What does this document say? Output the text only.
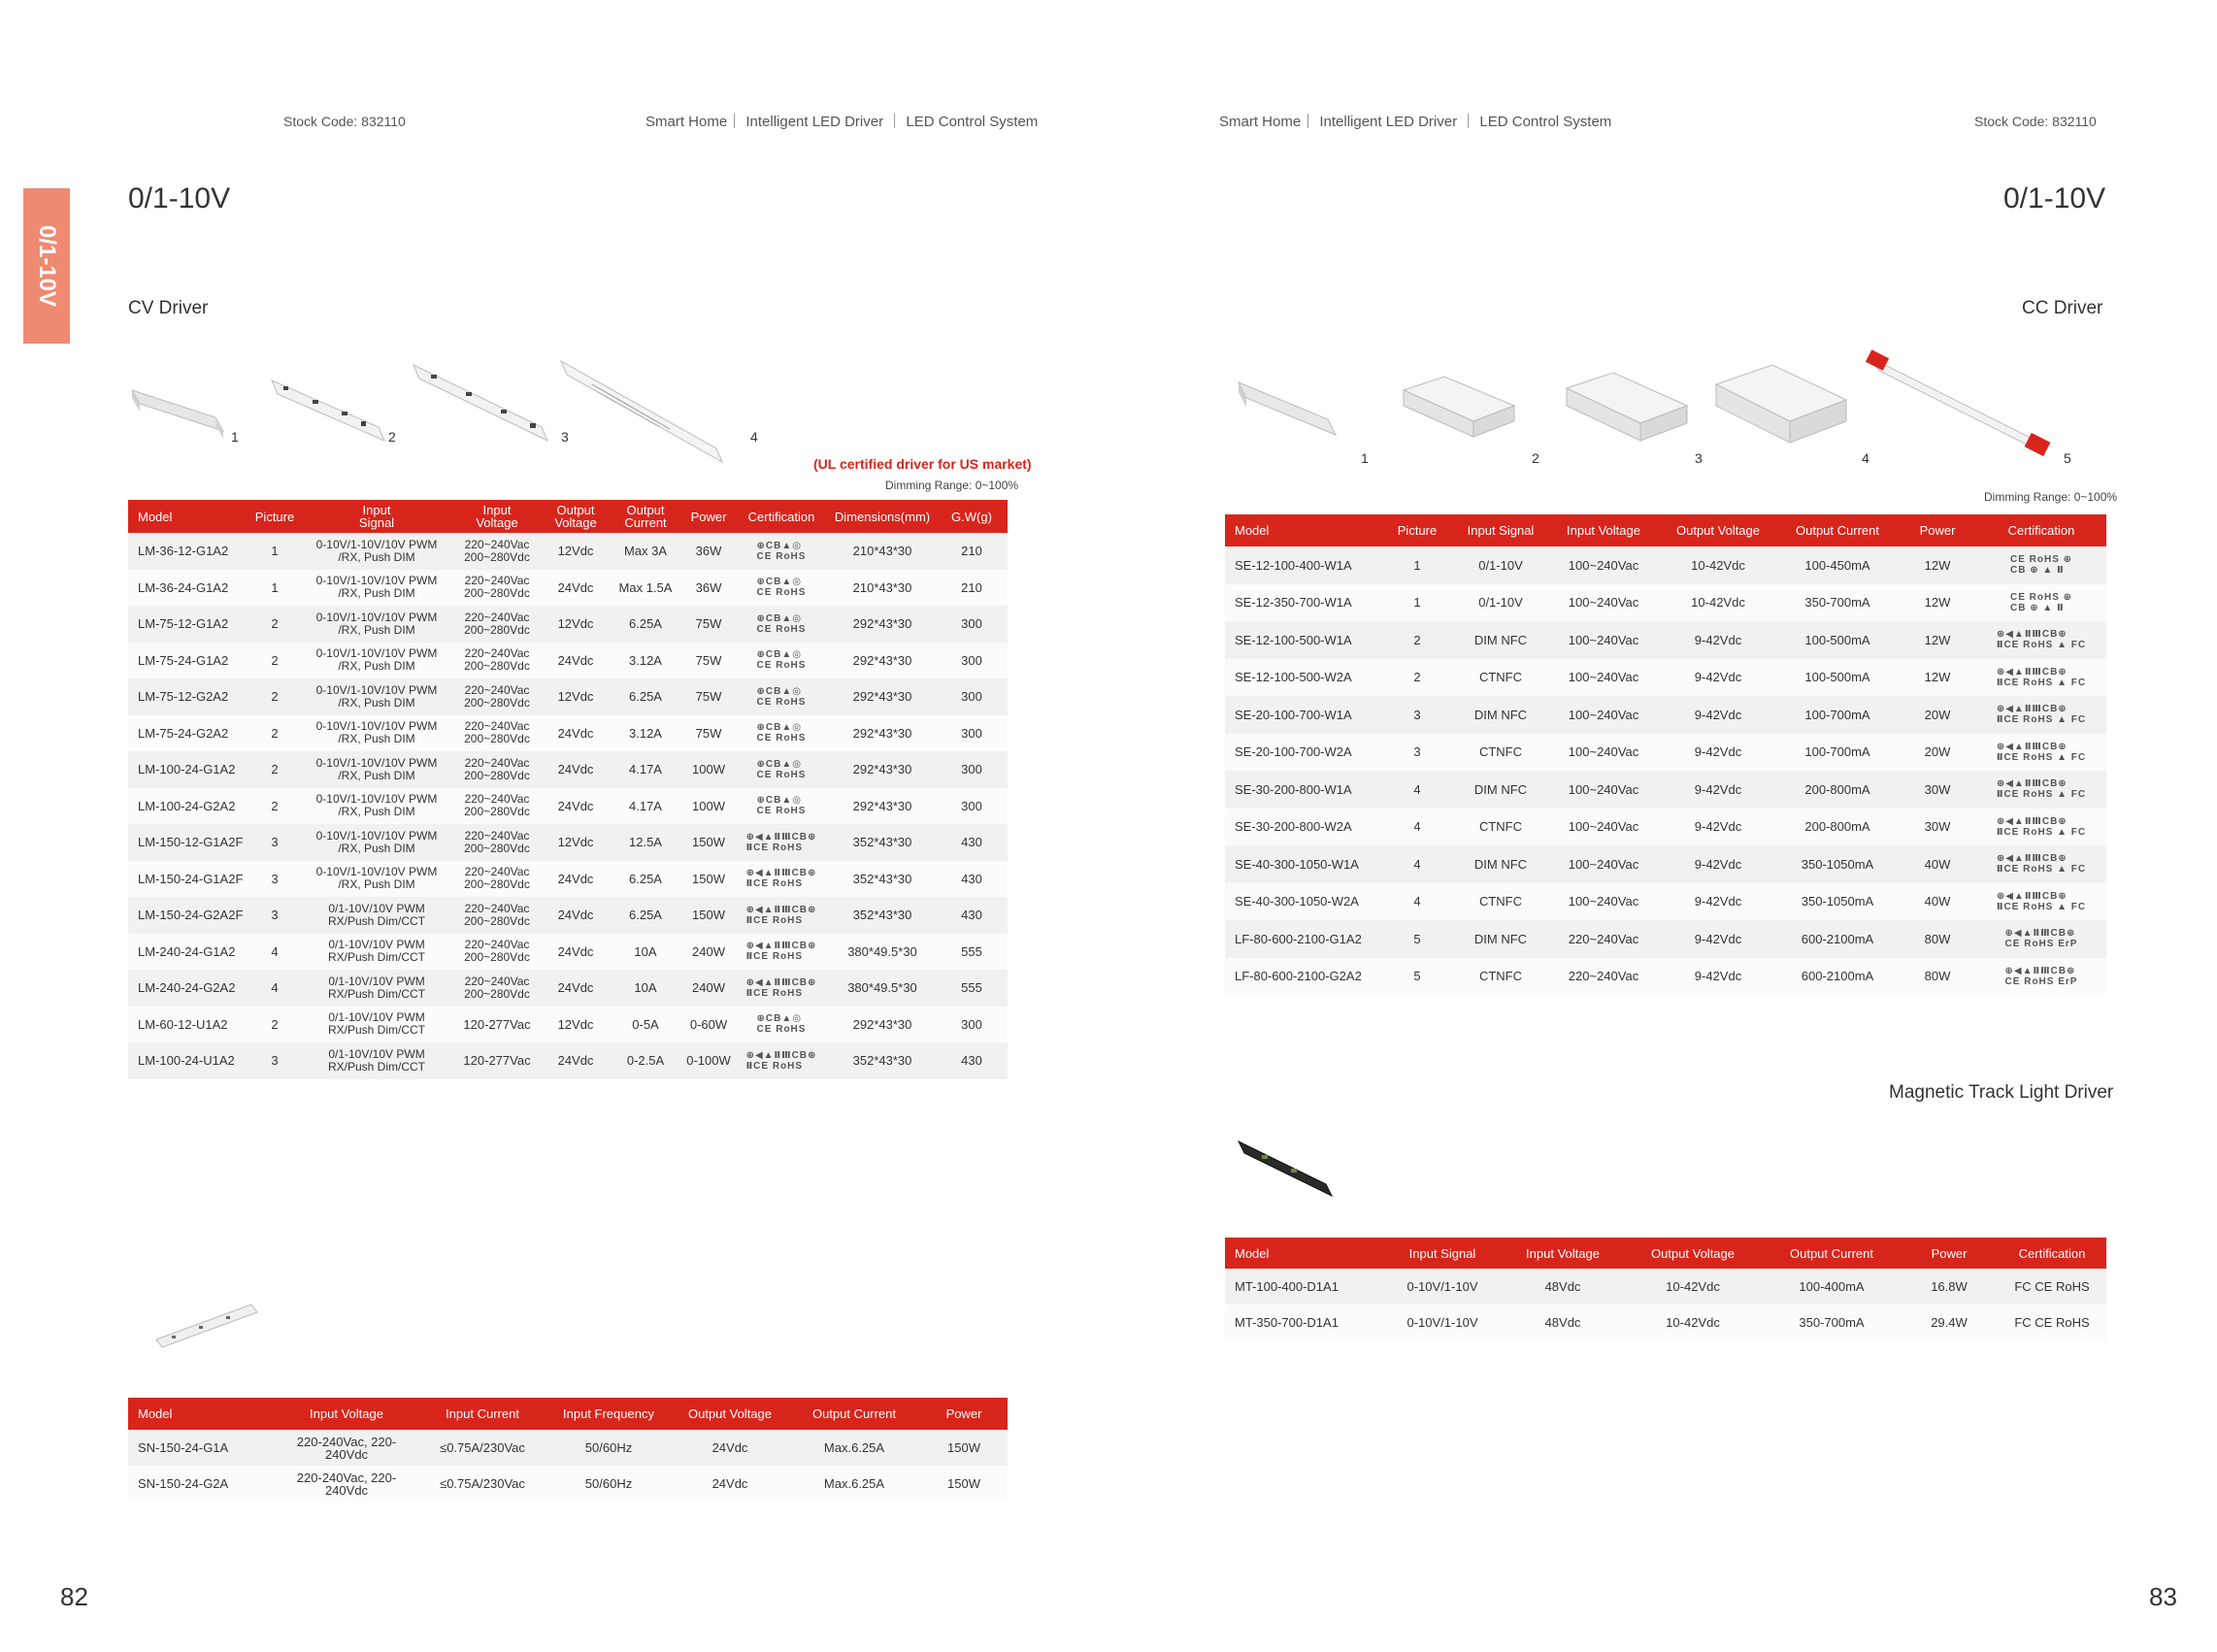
Stock Code: 832110	Smart Home｜ Intelligent LED Driver ｜ LED Control System
0/1-10V
0/1-10V
CV Driver
1	2	3	4
(UL certified driver for US market)
Dimming Range: 0~100%
Model	Picture	Input
Signal	Input
Voltage	Output
Voltage	Output
Current	Power	Certification	Dimensions(mm)	G.W(g)
LM-36-12-G1A2	1	0-10V/1-10V/10V PWM
/RX, Push DIM	220~240Vac
200~280Vdc	12Vdc	Max 3A	36W	⊕CB▲◎
CE RoHS	210*43*30	210
LM-36-24-G1A2	1	0-10V/1-10V/10V PWM
/RX, Push DIM	220~240Vac
200~280Vdc	24Vdc	Max 1.5A	36W	⊕CB▲◎
CE RoHS	210*43*30	210
LM-75-12-G1A2	2	0-10V/1-10V/10V PWM
/RX, Push DIM	220~240Vac
200~280Vdc	12Vdc	6.25A	75W	⊕CB▲◎
CE RoHS	292*43*30	300
LM-75-24-G1A2	2	0-10V/1-10V/10V PWM
/RX, Push DIM	220~240Vac
200~280Vdc	24Vdc	3.12A	75W	⊕CB▲◎
CE RoHS	292*43*30	300
LM-75-12-G2A2	2	0-10V/1-10V/10V PWM
/RX, Push DIM	220~240Vac
200~280Vdc	12Vdc	6.25A	75W	⊕CB▲◎
CE RoHS	292*43*30	300
LM-75-24-G2A2	2	0-10V/1-10V/10V PWM
/RX, Push DIM	220~240Vac
200~280Vdc	24Vdc	3.12A	75W	⊕CB▲◎
CE RoHS	292*43*30	300
LM-100-24-G1A2	2	0-10V/1-10V/10V PWM
/RX, Push DIM	220~240Vac
200~280Vdc	24Vdc	4.17A	100W	⊕CB▲◎
CE RoHS	292*43*30	300
LM-100-24-G2A2	2	0-10V/1-10V/10V PWM
/RX, Push DIM	220~240Vac
200~280Vdc	24Vdc	4.17A	100W	⊕CB▲◎
CE RoHS	292*43*30	300
LM-150-12-G1A2F	3	0-10V/1-10V/10V PWM
/RX, Push DIM	220~240Vac
200~280Vdc	12Vdc	12.5A	150W	⊕◀▲ⅡⅢCB⊕
ⅡCE RoHS	352*43*30	430
LM-150-24-G1A2F	3	0-10V/1-10V/10V PWM
/RX, Push DIM	220~240Vac
200~280Vdc	24Vdc	6.25A	150W	⊕◀▲ⅡⅢCB⊕
ⅡCE RoHS	352*43*30	430
LM-150-24-G2A2F	3	0/1-10V/10V PWM
RX/Push Dim/CCT	220~240Vac
200~280Vdc	24Vdc	6.25A	150W	⊕◀▲ⅡⅢCB⊕
ⅡCE RoHS	352*43*30	430
LM-240-24-G1A2	4	0/1-10V/10V PWM
RX/Push Dim/CCT	220~240Vac
200~280Vdc	24Vdc	10A	240W	⊕◀▲ⅡⅢCB⊕
ⅡCE RoHS	380*49.5*30	555
LM-240-24-G2A2	4	0/1-10V/10V PWM
RX/Push Dim/CCT	220~240Vac
200~280Vdc	24Vdc	10A	240W	⊕◀▲ⅡⅢCB⊕
ⅡCE RoHS	380*49.5*30	555
LM-60-12-U1A2	2	0/1-10V/10V PWM
RX/Push Dim/CCT	120-277Vac	12Vdc	0-5A	0-60W	⊕CB▲◎
CE RoHS	292*43*30	300
LM-100-24-U1A2	3	0/1-10V/10V PWM
RX/Push Dim/CCT	120-277Vac	24Vdc	0-2.5A	0-100W	⊕◀▲ⅡⅢCB⊕
ⅡCE RoHS	352*43*30	430
Model	Input Voltage	Input Current	Input Frequency	Output Voltage	Output Current	Power
SN-150-24-G1A	220-240Vac, 220-240Vdc	≤0.75A/230Vac	50/60Hz	24Vdc	Max.6.25A	150W
SN-150-24-G2A	220-240Vac, 220-240Vdc	≤0.75A/230Vac	50/60Hz	24Vdc	Max.6.25A	150W
82
Smart Home｜ Intelligent LED Driver ｜ LED Control System	Stock Code: 832110
0/1-10V
CC Driver
1	2	3	4	5
Dimming Range: 0~100%
Model	Picture	Input Signal	Input Voltage	Output Voltage	Output Current	Power	Certification
SE-12-100-400-W1A	1	0/1-10V	100~240Vac	10-42Vdc	100-450mA	12W	CE RoHS ⊕
CB ⊕ ▲ Ⅱ
SE-12-350-700-W1A	1	0/1-10V	100~240Vac	10-42Vdc	350-700mA	12W	CE RoHS ⊕
CB ⊕ ▲ Ⅱ
SE-12-100-500-W1A	2	DIM NFC	100~240Vac	9-42Vdc	100-500mA	12W	⊕◀▲ⅡⅢCB⊕
ⅡCE RoHS ▲ FC
SE-12-100-500-W2A	2	CTNFC	100~240Vac	9-42Vdc	100-500mA	12W	⊕◀▲ⅡⅢCB⊕
ⅡCE RoHS ▲ FC
SE-20-100-700-W1A	3	DIM NFC	100~240Vac	9-42Vdc	100-700mA	20W	⊕◀▲ⅡⅢCB⊕
ⅡCE RoHS ▲ FC
SE-20-100-700-W2A	3	CTNFC	100~240Vac	9-42Vdc	100-700mA	20W	⊕◀▲ⅡⅢCB⊕
ⅡCE RoHS ▲ FC
SE-30-200-800-W1A	4	DIM NFC	100~240Vac	9-42Vdc	200-800mA	30W	⊕◀▲ⅡⅢCB⊕
ⅡCE RoHS ▲ FC
SE-30-200-800-W2A	4	CTNFC	100~240Vac	9-42Vdc	200-800mA	30W	⊕◀▲ⅡⅢCB⊕
ⅡCE RoHS ▲ FC
SE-40-300-1050-W1A	4	DIM NFC	100~240Vac	9-42Vdc	350-1050mA	40W	⊕◀▲ⅡⅢCB⊕
ⅡCE RoHS ▲ FC
SE-40-300-1050-W2A	4	CTNFC	100~240Vac	9-42Vdc	350-1050mA	40W	⊕◀▲ⅡⅢCB⊕
ⅡCE RoHS ▲ FC
LF-80-600-2100-G1A2	5	DIM NFC	220~240Vac	9-42Vdc	600-2100mA	80W	⊕◀▲ⅡⅢCB⊕
CE RoHS ErP
LF-80-600-2100-G2A2	5	CTNFC	220~240Vac	9-42Vdc	600-2100mA	80W	⊕◀▲ⅡⅢCB⊕
CE RoHS ErP
Magnetic Track Light Driver
Model	Input Signal	Input Voltage	Output Voltage	Output Current	Power	Certification
MT-100-400-D1A1	0-10V/1-10V	48Vdc	10-42Vdc	100-400mA	16.8W	FC CE RoHS
MT-350-700-D1A1	0-10V/1-10V	48Vdc	10-42Vdc	350-700mA	29.4W	FC CE RoHS
83
